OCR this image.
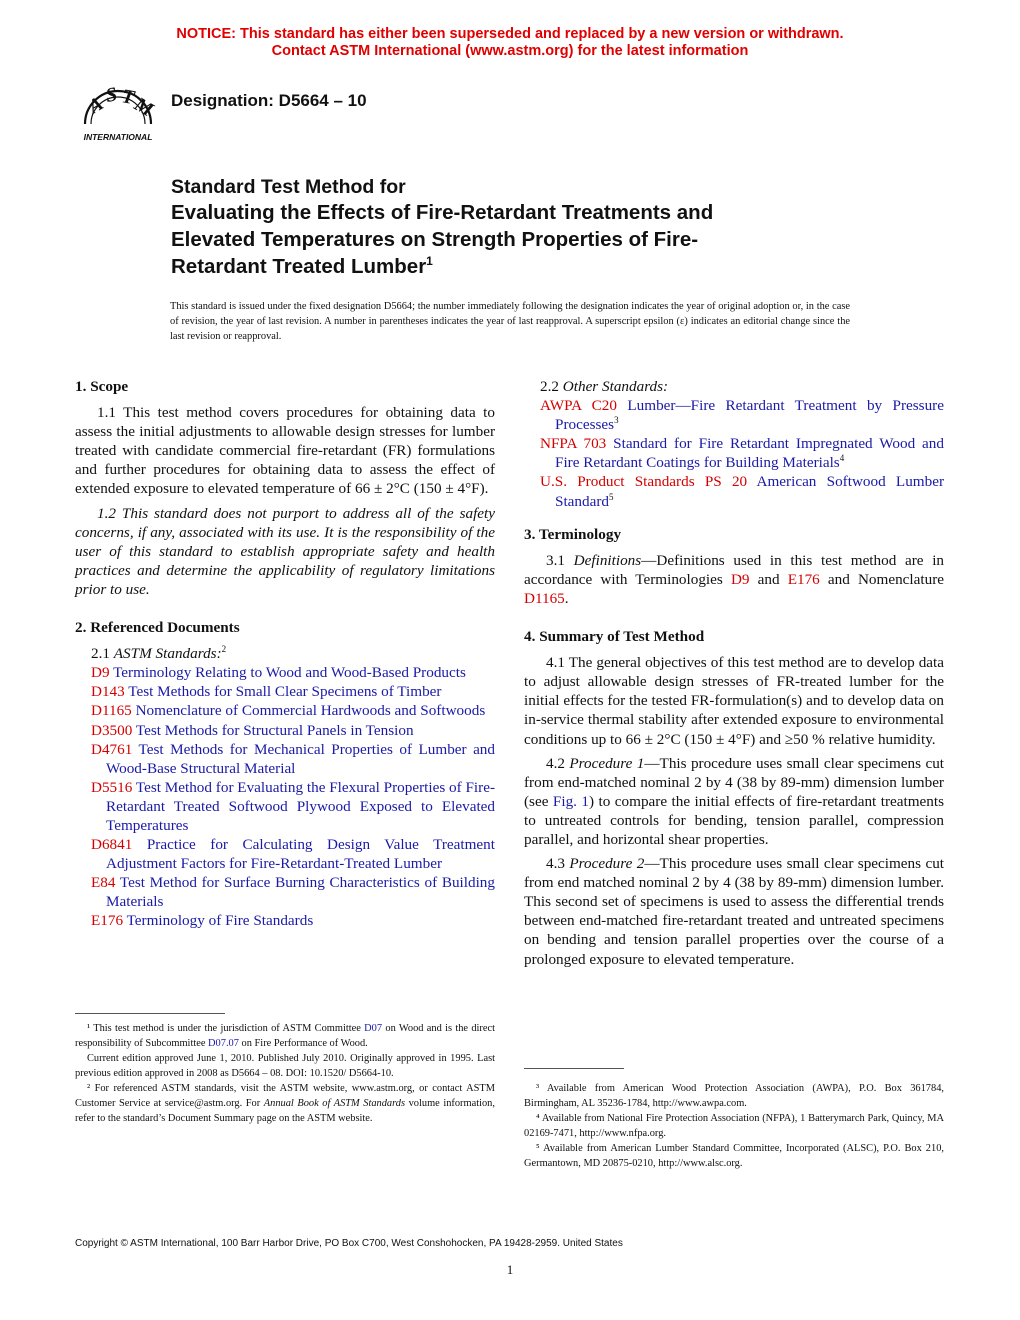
NOTICE: This standard has either been superseded and replaced by a new version or withdrawn.
Contact ASTM International (www.astm.org) for the latest information
A
S T
M
INTERNATIONAL
Designation: D5664 – 10
Standard Test Method for
Evaluating the Effects of Fire-Retardant Treatments and
Elevated Temperatures on Strength Properties of Fire-
Retardant Treated Lumber$^1$
This standard is issued under the fixed designation D5664; the number immediately following the designation indicates the year of original adoption or, in the case of revision, the year of last revision. A number in parentheses indicates the year of last reapproval. A superscript epsilon (ε) indicates an editorial change since the last revision or reapproval.
1. Scope
1.1 This test method covers procedures for obtaining data to assess the initial adjustments to allowable design stresses for lumber treated with candidate commercial fire-retardant (FR) formulations and further procedures for obtaining data to assess the effect of extended exposure to elevated temperature of 66 ± 2°C (150 ± 4°F).
1.2 This standard does not purport to address all of the safety concerns, if any, associated with its use. It is the responsibility of the user of this standard to establish appropriate safety and health practices and determine the applicability of regulatory limitations prior to use.
2. Referenced Documents
2.1 ASTM Standards:$^2$
D9 Terminology Relating to Wood and Wood-Based Products
D143 Test Methods for Small Clear Specimens of Timber
D1165 Nomenclature of Commercial Hardwoods and Softwoods
D3500 Test Methods for Structural Panels in Tension
D4761 Test Methods for Mechanical Properties of Lumber and Wood-Base Structural Material
D5516 Test Method for Evaluating the Flexural Properties of Fire-Retardant Treated Softwood Plywood Exposed to Elevated Temperatures
D6841 Practice for Calculating Design Value Treatment Adjustment Factors for Fire-Retardant-Treated Lumber
E84 Test Method for Surface Burning Characteristics of Building Materials
E176 Terminology of Fire Standards
2.2 Other Standards:
AWPA C20 Lumber—Fire Retardant Treatment by Pressure Processes$^3$
NFPA 703 Standard for Fire Retardant Impregnated Wood and Fire Retardant Coatings for Building Materials$^4$
U.S. Product Standards PS 20 American Softwood Lumber Standard$^5$
3. Terminology
3.1 Definitions—Definitions used in this test method are in accordance with Terminologies D9 and E176 and Nomenclature D1165.
4. Summary of Test Method
4.1 The general objectives of this test method are to develop data to adjust allowable design stresses of FR-treated lumber for the initial effects for the tested FR-formulation(s) and to develop data on in-service thermal stability after extended exposure to environmental conditions up to 66 ± 2°C (150 ± 4°F) and ≥50 % relative humidity.
4.2 Procedure 1—This procedure uses small clear specimens cut from end-matched nominal 2 by 4 (38 by 89-mm) dimension lumber (see Fig. 1) to compare the initial effects of fire-retardant treatments to untreated controls for bending, tension parallel, compression parallel, and horizontal shear properties.
4.3 Procedure 2—This procedure uses small clear specimens cut from end matched nominal 2 by 4 (38 by 89-mm) dimension lumber. This second set of specimens is used to assess the differential trends between end-matched fire-retardant treated and untreated specimens on bending and tension parallel properties over the course of a prolonged exposure to elevated temperature.

¹ This test method is under the jurisdiction of ASTM Committee D07 on Wood and is the direct responsibility of Subcommittee D07.07 on Fire Performance of Wood.

Current edition approved June 1, 2010. Published July 2010. Originally approved in 1995. Last previous edition approved in 2008 as D5664 – 08. DOI: 10.1520/ D5664-10.

² For referenced ASTM standards, visit the ASTM website, www.astm.org, or contact ASTM Customer Service at service@astm.org. For Annual Book of ASTM Standards volume information, refer to the standard’s Document Summary page on the ASTM website.

³ Available from American Wood Protection Association (AWPA), P.O. Box 361784, Birmingham, AL 35236-1784, http://www.awpa.com.

⁴ Available from National Fire Protection Association (NFPA), 1 Batterymarch Park, Quincy, MA 02169-7471, http://www.nfpa.org.

⁵ Available from American Lumber Standard Committee, Incorporated (ALSC), P.O. Box 210, Germantown, MD 20875-0210, http://www.alsc.org.

Copyright © ASTM International, 100 Barr Harbor Drive, PO Box C700, West Conshohocken, PA 19428-2959. United States
1
